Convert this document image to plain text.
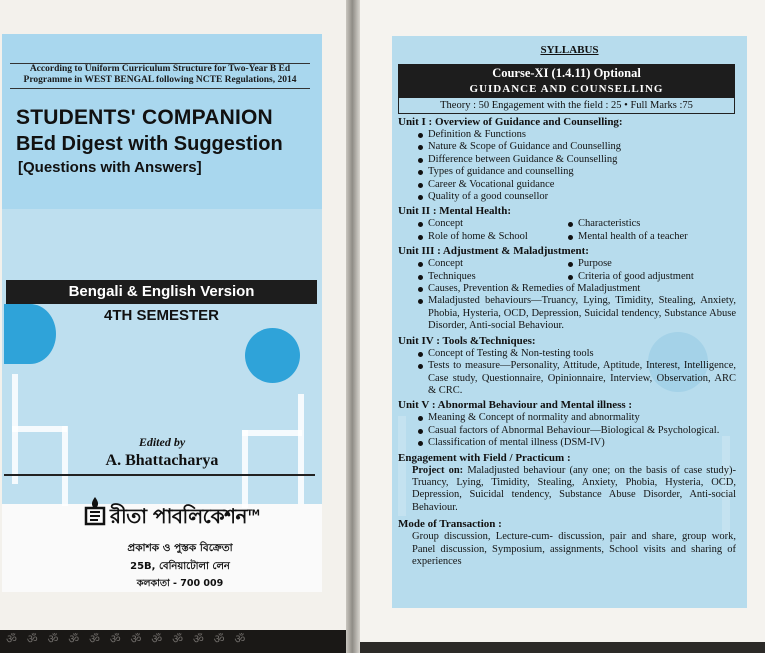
According to Uniform Curriculum Structure for Two-Year B Ed Programme in WEST BENGAL following NCTE Regulations, 2014
STUDENTS' COMPANION
BEd Digest with Suggestion
[Questions with Answers]
Bengali & English Version
4TH SEMESTER
Edited by
A. Bhattacharya
রীতা পাবলিকেশন™
প্রকাশক ও পুস্তক বিক্রেতা
25B, বেনিয়াটোলা লেন
কলকাতা - 700 009
ॐ ॐ ॐ ॐ ॐ ॐ ॐ ॐ ॐ ॐ ॐ ॐ
SYLLABUS
Course-XI (1.4.11) Optional
GUIDANCE AND COUNSELLING
Theory : 50 Engagement with the field : 25 • Full Marks :75
Unit I : Overview of Guidance and Counselling:
Definition & Functions
Nature & Scope of Guidance and Counselling
Difference between Guidance & Counselling
Types of guidance and counselling
Career & Vocational guidance
Quality of a good counsellor
Unit II : Mental Health:
Concept	Characteristics
Role of home & School	Mental health of a teacher
Unit III : Adjustment & Maladjustment:
Concept	Purpose
Techniques	Criteria of good adjustment
Causes, Prevention & Remedies of Maladjustment
Maladjusted behaviours—Truancy, Lying, Timidity, Stealing, Anxiety, Phobia, Hysteria, OCD, Depression, Suicidal tendency, Substance Abuse Disorder, Anti-social Behaviour.
Unit IV : Tools &Techniques:
Concept of Testing & Non-testing tools
Tests to measure—Personality, Attitude, Aptitude, Interest, Intelligence, Case study, Questionnaire, Opinionnaire, Interview, Observation, ARC & CRC.
Unit V : Abnormal Behaviour and Mental illness :
Meaning & Concept of normality and abnormality
Casual factors of Abnormal Behaviour—Biological & Psychological.
Classification of mental illness (DSM-IV)
Engagement with Field / Practicum :
Project on: Maladjusted behaviour (any one; on the basis of case study)-Truancy, Lying, Timidity, Stealing, Anxiety, Phobia, Hysteria, OCD, Depression, Suicidal tendency, Substance Abuse Disorder, Anti-social Behaviour.
Mode of Transaction :
Group discussion, Lecture-cum- discussion, pair and share, group work, Panel discussion, Symposium, assignments, School visits and sharing of experiences
